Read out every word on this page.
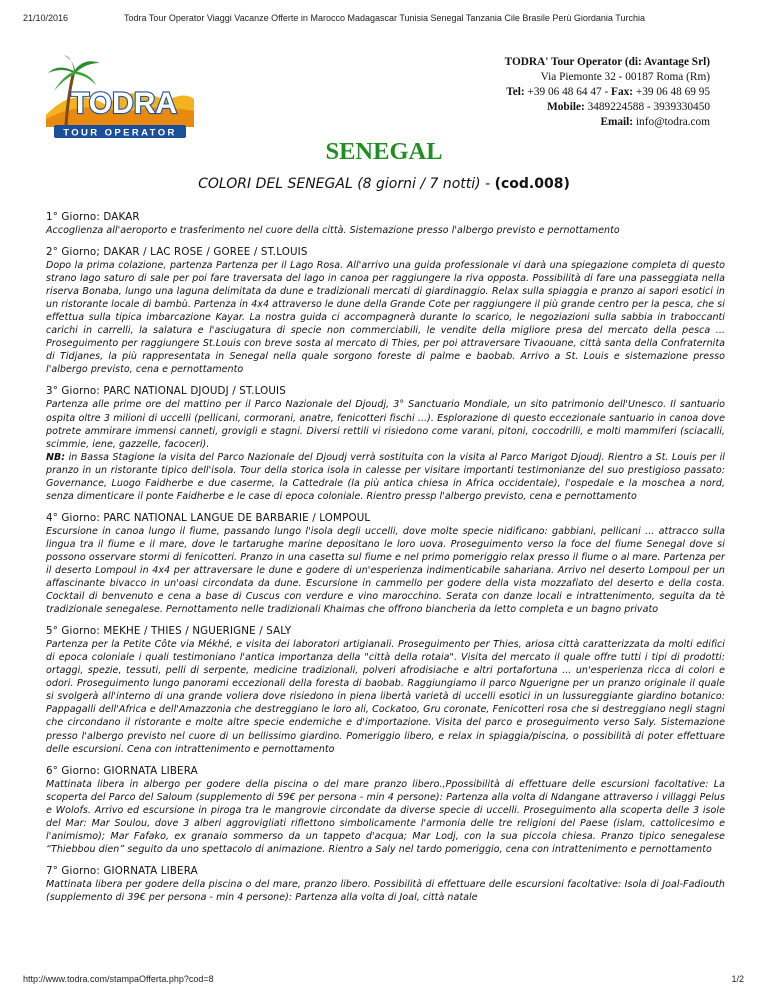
21/10/2016	Todra Tour Operator Viaggi Vacanze Offerte in Marocco Madagascar Tunisia Senegal Tanzania Cile Brasile Perù Giordania Turchia
TODRA
TOUR OPERATOR
TODRA' Tour Operator (di: Avantage Srl)
Via Piemonte 32 - 00187 Roma (Rm)
Tel: +39 06 48 64 47 - Fax: +39 06 48 69 95
Mobile: 3489224588 - 3939330450
Email: info@todra.com
SENEGAL
COLORI DEL SENEGAL (8 giorni / 7 notti) - (cod.008)
1° Giorno: DAKAR
Accoglienza all'aeroporto e trasferimento nel cuore della città. Sistemazione presso l'albergo previsto e pernottamento
2° Giorno; DAKAR / LAC ROSE / GOREE / ST.LOUIS
Dopo la prima colazione, partenza Partenza per il Lago Rosa. All'arrivo una guida professionale vi darà una spiegazione completa di questo strano lago saturo di sale per poi fare traversata del lago in canoa per raggiungere la riva opposta. Possibilità di fare una passeggiata nella riserva Bonaba, lungo una laguna delimitata da dune e tradizionali mercati di giardinaggio. Relax sulla spiaggia e pranzo ai sapori esotici in un ristorante locale di bambù. Partenza in 4x4 attraverso le dune della Grande Cote per raggiungere il più grande centro per la pesca, che si effettua sulla tipica imbarcazione Kayar. La nostra guida ci accompagnerà durante lo scarico, le negoziazioni sulla sabbia in traboccanti carichi in carrelli, la salatura e l'asciugatura di specie non commerciabili, le vendite della migliore presa del mercato della pesca ... Proseguimento per raggiungere St.Louis con breve sosta al mercato di Thies, per poi attraversare Tivaouane, città santa della Confraternita di Tidjanes, la più rappresentata in Senegal nella quale sorgono foreste di palme e baobab. Arrivo a St. Louis e sistemazione presso l'albergo previsto, cena e pernottamento
3° Giorno: PARC NATIONAL DJOUDJ / ST.LOUIS
Partenza alle prime ore del mattino per il Parco Nazionale del Djoudj, 3° Sanctuario Mondiale, un sito patrimonio dell'Unesco. Il santuario ospita oltre 3 milioni di uccelli (pellicani, cormorani, anatre, fenicotteri fischi ...). Esplorazione di questo eccezionale santuario in canoa dove potrete ammirare immensi canneti, grovigli e stagni. Diversi rettili vi risiedono come varani, pitoni, coccodrilli, e molti mammiferi (sciacalli, scimmie, iene, gazzelle, facoceri).
NB: in Bassa Stagione la visita del Parco Nazionale del Djoudj verrà sostituita con la visita al Parco Marigot Djoudj. Rientro a St. Louis per il pranzo in un ristorante tipico dell'isola. Tour della storica isola in calesse per visitare importanti testimonianze del suo prestigioso passato: Governance, Luogo Faidherbe e due caserme, la Cattedrale (la più antica chiesa in Africa occidentale), l'ospedale e la moschea a nord, senza dimenticare il ponte Faidherbe e le case di epoca coloniale. Rientro pressp l'albergo previsto, cena e pernottamento
4° Giorno: PARC NATIONAL LANGUE DE BARBARIE / LOMPOUL
Escursione in canoa lungo il fiume, passando lungo l'isola degli uccelli, dove molte specie nidificano: gabbiani, pellicani ... attracco sulla lingua tra il fiume e il mare, dove le tartarughe marine depositano le loro uova. Proseguimento verso la foce del fiume Senegal dove si possono osservare stormi di fenicotteri. Pranzo in una casetta sul fiume e nel primo pomeriggio relax presso il fiume o al mare. Partenza per il deserto Lompoul in 4x4 per attraversare le dune e godere di un'esperienza indimenticabile sahariana. Arrivo nel deserto Lompoul per un affascinante bivacco in un'oasi circondata da dune. Escursione in cammello per godere della vista mozzafiato del deserto e della costa. Cocktail di benvenuto e cena a base di Cuscus con verdure e vino marocchino. Serata con danze locali e intrattenimento, seguita da tè tradizionale senegalese. Pernottamento nelle tradizionali Khaimas che offrono biancheria da letto completa e un bagno privato
5° Giorno: MEKHE / THIES / NGUERIGNE / SALY
Partenza per la Petite Côte via Mékhé, e visita dei laboratori artigianali. Proseguimento per Thies, ariosa città caratterizzata da molti edifici di epoca coloniale i quali testimoniano l'antica importanza della "città della rotaia". Visita del mercato il quale offre tutti i tipi di prodotti: ortaggi, spezie, tessuti, pelli di serpente, medicine tradizionali, polveri afrodisiache e altri portafortuna ... un'esperienza ricca di colori e odori. Proseguimento lungo panorami eccezionali della foresta di baobab. Raggiungiamo il parco Nguerigne per un pranzo originale il quale si svolgerà all'interno di una grande voliera dove risiedono in piena libertà varietà di uccelli esotici in un lussureggiante giardino botanico: Pappagalli dell'Africa e dell'Amazzonia che destreggiano le loro ali, Cockatoo, Gru coronate, Fenicotteri rosa che si destreggiano negli stagni che circondano il ristorante e molte altre specie endemiche e d'importazione. Visita del parco e proseguimento verso Saly. Sistemazione presso l'albergo previsto nel cuore di un bellissimo giardino. Pomeriggio libero, e relax in spiaggia/piscina, o possibilità di poter effettuare delle escursioni. Cena con intrattenimento e pernottamento
6° Giorno: GIORNATA LIBERA
Mattinata libera in albergo per godere della piscina o del mare pranzo libero.,Ppossibilità di effettuare delle escursioni facoltative: La scoperta del Parco del Saloum (supplemento di 59€ per persona - min 4 persone): Partenza alla volta di Ndangane attraverso i villaggi Pelus e Wolofs. Arrivo ed escursione in piroga tra le mangrovie circondate da diverse specie di uccelli. Proseguimento alla scoperta delle 3 isole del Mar: Mar Soulou, dove 3 alberi aggrovigliati riflettono simbolicamente l'armonia delle tre religioni del Paese (islam, cattolicesimo e l'animismo); Mar Fafako, ex granaio sommerso da un tappeto d'acqua; Mar Lodj, con la sua piccola chiesa. Pranzo tipico senegalese “Thiebbou dien” seguito da uno spettacolo di animazione. Rientro a Saly nel tardo pomeriggio, cena con intrattenimento e pernottamento
7° Giorno: GIORNATA LIBERA
Mattinata libera per godere della piscina o del mare, pranzo libero. Possibilità di effettuare delle escursioni facoltative: Isola di Joal-Fadiouth (supplemento di 39€ per persona - min 4 persone): Partenza alla volta di Joal, città natale
http://www.todra.com/stampaOfferta.php?cod=8	1/2
